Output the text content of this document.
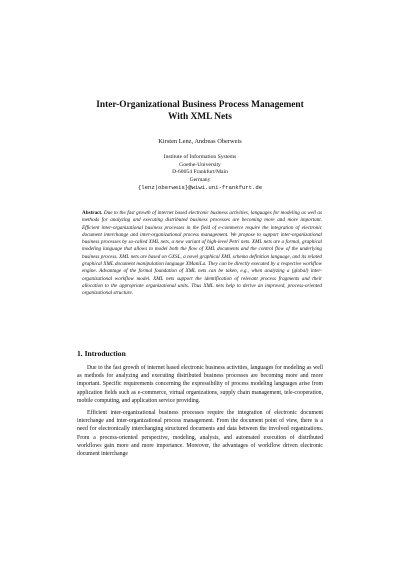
Inter-Organizational Business Process Management
With XML Nets
Kirsten Lenz, Andreas Oberweis
Institute of Information Systems
Goethe-University
D-60054 Frankfurt/Main
Germany
{lenz|oberweis}@wiwi.uni-frankfurt.de
Abstract. Due to the fast growth of internet based electronic business activities, languages for modeling as well as methods for analyzing and executing distributed business processes are becoming more and more important. Efficient inter-organizational business processes in the field of e-commerce require the integration of electronic document interchange and inter-organizational process management. We propose to support inter-organizational business processes by so-called XML nets, a new variant of high-level Petri nets. XML nets are a formal, graphical modeling language that allows to model both the flow of XML documents and the control flow of the underlying business process. XML nets are based on GXSL, a novel graphical XML schema definition language, and its related graphical XML document manipulation language XManiLa. They can be directly executed by a respective workflow engine. Advantage of the formal foundation of XML nets can be taken, e.g., when analyzing a (global) inter-organizational workflow model. XML nets support the identification of relevant process fragments and their allocation to the appropriate organizational units. Thus XML nets help to derive an improved, process-oriented organizational structure.
1. Introduction

Due to the fast growth of internet based electronic business activities, languages for modeling as well as methods for analyzing and executing distributed business processes are becoming more and more important. Specific requirements concerning the expressibility of process modeling languages arise from application fields such as e-commerce, virtual organizations, supply chain management, tele-cooperation, mobile computing, and application service providing.

Efficient inter-organizational business processes require the integration of electronic document interchange and inter-organizational process management. From the document point of view, there is a need for electronically interchanging structured documents and data between the involved organizations. From a process-oriented perspective, modeling, analysis, and automated execution of distributed workflows gain more and more importance. Moreover, the advantages of workflow driven electronic document interchange
